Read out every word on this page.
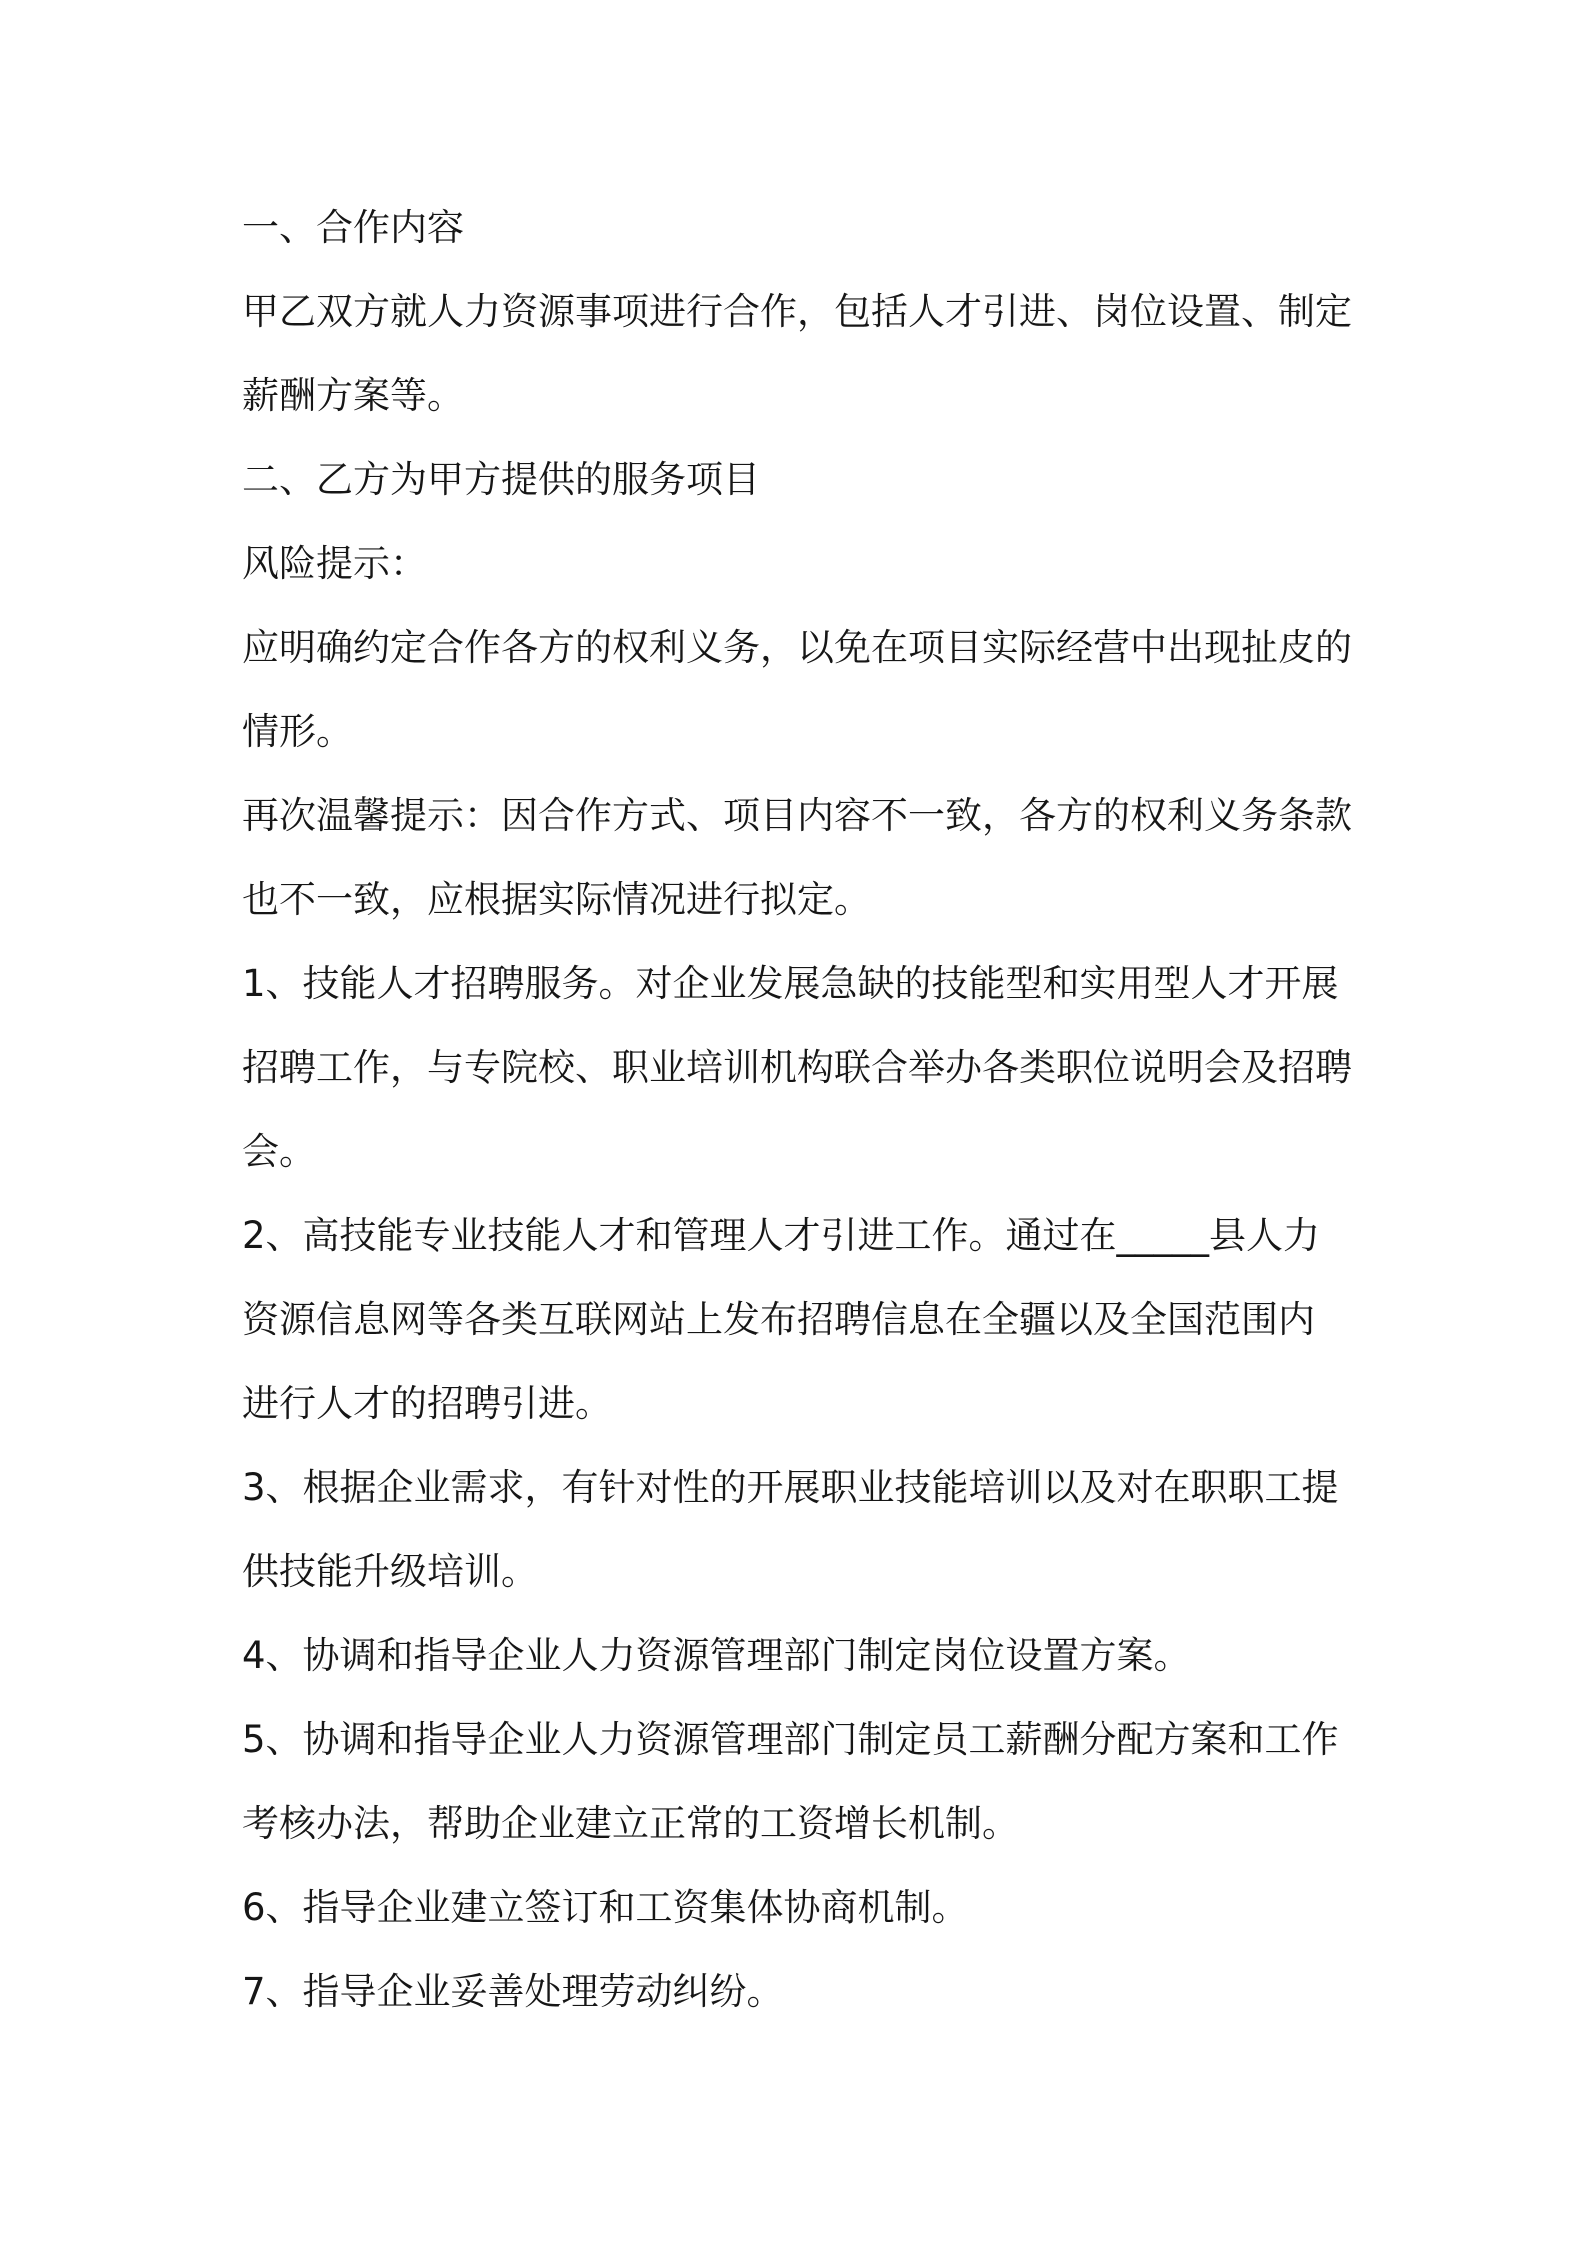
一、合作内容
甲乙双方就人力资源事项进行合作，包括人才引进、岗位设置、制定
薪酬方案等。
二、乙方为甲方提供的服务项目
风险提示：
应明确约定合作各方的权利义务，以免在项目实际经营中出现扯皮的
情形。
再次温馨提示：因合作方式、项目内容不一致，各方的权利义务条款
也不一致，应根据实际情况进行拟定。
1、技能人才招聘服务。对企业发展急缺的技能型和实用型人才开展
招聘工作，与专院校、职业培训机构联合举办各类职位说明会及招聘
会。
2、高技能专业技能人才和管理人才引进工作。通过在_____县人力
资源信息网等各类互联网站上发布招聘信息在全疆以及全国范围内
进行人才的招聘引进。
3、根据企业需求，有针对性的开展职业技能培训以及对在职职工提
供技能升级培训。
4、协调和指导企业人力资源管理部门制定岗位设置方案。
5、协调和指导企业人力资源管理部门制定员工薪酬分配方案和工作
考核办法，帮助企业建立正常的工资增长机制。
6、指导企业建立签订和工资集体协商机制。
7、指导企业妥善处理劳动纠纷。
